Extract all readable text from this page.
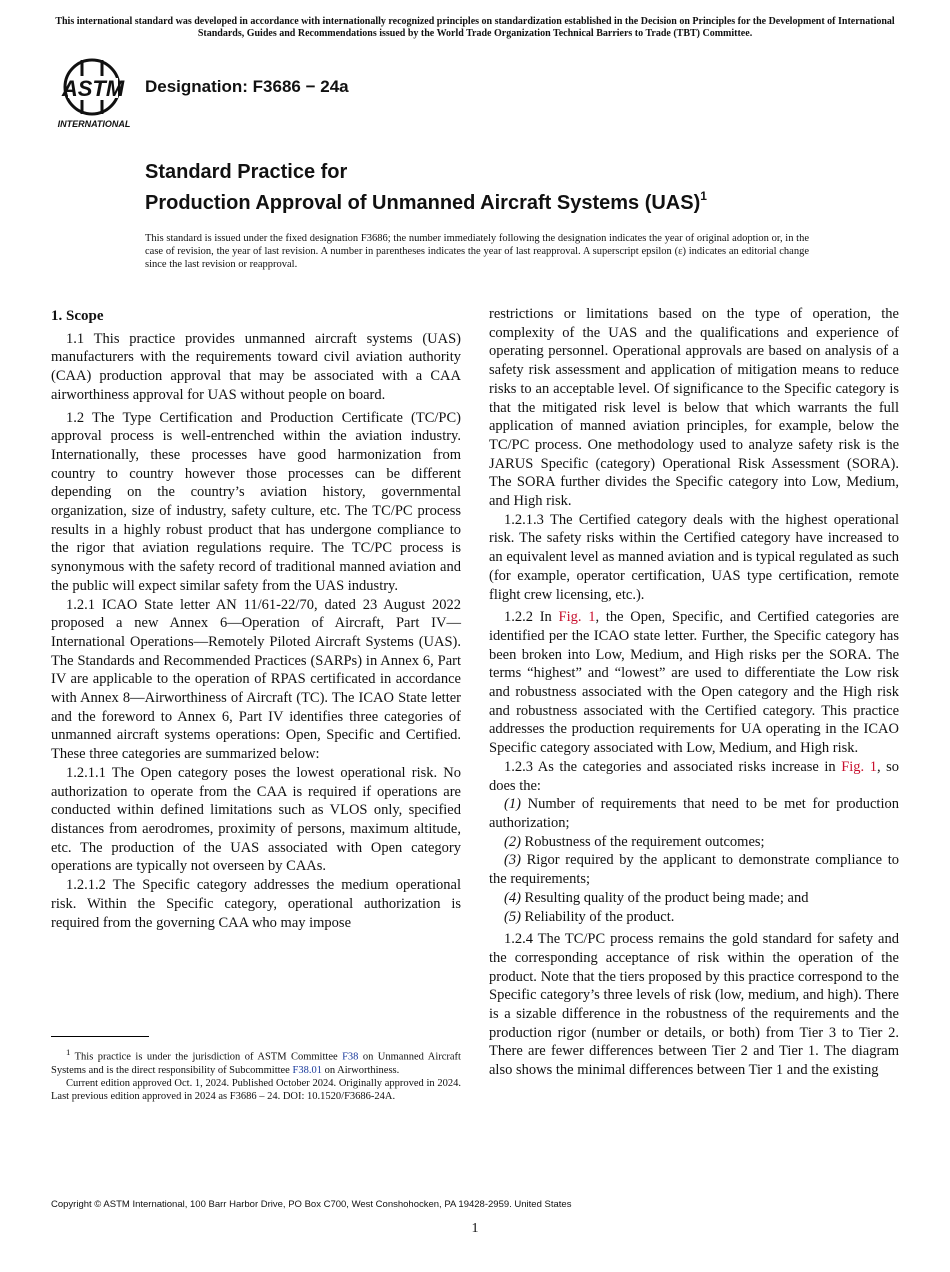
This international standard was developed in accordance with internationally recognized principles on standardization established in the Decision on Principles for the Development of International Standards, Guides and Recommendations issued by the World Trade Organization Technical Barriers to Trade (TBT) Committee.
ASTM
INTERNATIONAL
Designation: F3686 − 24a
Standard Practice for
Production Approval of Unmanned Aircraft Systems (UAS)$^1$
This standard is issued under the fixed designation F3686; the number immediately following the designation indicates the year of original adoption or, in the case of revision, the year of last revision. A number in parentheses indicates the year of last reapproval. A superscript epsilon (ε) indicates an editorial change since the last revision or reapproval.

1. Scope

1.1 This practice provides unmanned aircraft systems (UAS) manufacturers with the requirements toward civil aviation authority (CAA) production approval that may be associated with a CAA airworthiness approval for UAS without people on board.

1.2 The Type Certification and Production Certificate (TC/PC) approval process is well-entrenched within the aviation industry. Internationally, these processes have good harmonization from country to country however those processes can be different depending on the country’s aviation history, governmental organization, size of industry, safety culture, etc. The TC/PC process results in a highly robust product that has undergone compliance to the rigor that aviation regulations require. The TC/PC process is synonymous with the safety record of traditional manned aviation and the public will expect similar safety from the UAS industry.

1.2.1 ICAO State letter AN 11/61-22/70, dated 23 August 2022 proposed a new Annex 6—Operation of Aircraft, Part IV—International Operations—Remotely Piloted Aircraft Systems (UAS). The Standards and Recommended Practices (SARPs) in Annex 6, Part IV are applicable to the operation of RPAS certificated in accordance with Annex 8—Airworthiness of Aircraft (TC). The ICAO State letter and the foreword to Annex 6, Part IV identifies three categories of unmanned aircraft systems operations: Open, Specific and Certified. These three categories are summarized below:

1.2.1.1 The Open category poses the lowest operational risk. No authorization to operate from the CAA is required if operations are conducted within defined limitations such as VLOS only, specified distances from aerodromes, proximity of persons, maximum altitude, etc. The production of the UAS associated with Open category operations are typically not overseen by CAAs.

1.2.1.2 The Specific category addresses the medium operational risk. Within the Specific category, operational authorization is required from the governing CAA who may impose

restrictions or limitations based on the type of operation, the complexity of the UAS and the qualifications and experience of operating personnel. Operational approvals are based on analysis of a safety risk assessment and application of mitigation means to reduce risks to an acceptable level. Of significance to the Specific category is that the mitigated risk level is below that which warrants the full application of manned aviation principles, for example, below the TC/PC process. One methodology used to analyze safety risk is the JARUS Specific (category) Operational Risk Assessment (SORA). The SORA further divides the Specific category into Low, Medium, and High risk.

1.2.1.3 The Certified category deals with the highest operational risk. The safety risks within the Certified category have increased to an equivalent level as manned aviation and is typical regulated as such (for example, operator certification, UAS type certification, remote flight crew licensing, etc.).

1.2.2 In Fig. 1, the Open, Specific, and Certified categories are identified per the ICAO state letter. Further, the Specific category has been broken into Low, Medium, and High risks per the SORA. The terms “highest” and “lowest” are used to differentiate the Low risk and robustness associated with the Open category and the High risk and robustness associated with the Certified category. This practice addresses the production requirements for UA operating in the ICAO Specific category associated with Low, Medium, and High risk.

1.2.3 As the categories and associated risks increase in Fig. 1, so does the:

(1) Number of requirements that need to be met for production authorization;

(2) Robustness of the requirement outcomes;

(3) Rigor required by the applicant to demonstrate compliance to the requirements;

(4) Resulting quality of the product being made; and

(5) Reliability of the product.

1.2.4 The TC/PC process remains the gold standard for safety and the corresponding acceptance of risk within the operation of the product. Note that the tiers proposed by this practice correspond to the Specific category’s three levels of risk (low, medium, and high). There is a sizable difference in the robustness of the requirements and the production rigor (number or details, or both) from Tier 3 to Tier 2. There are fewer differences between Tier 2 and Tier 1. The diagram also shows the minimal differences between Tier 1 and the existing

$^1$ This practice is under the jurisdiction of ASTM Committee F38 on Unmanned Aircraft Systems and is the direct responsibility of Subcommittee F38.01 on Airworthiness.

Current edition approved Oct. 1, 2024. Published October 2024. Originally approved in 2024. Last previous edition approved in 2024 as F3686 – 24. DOI: 10.1520/F3686-24A.

Copyright © ASTM International, 100 Barr Harbor Drive, PO Box C700, West Conshohocken, PA 19428-2959. United States
1
